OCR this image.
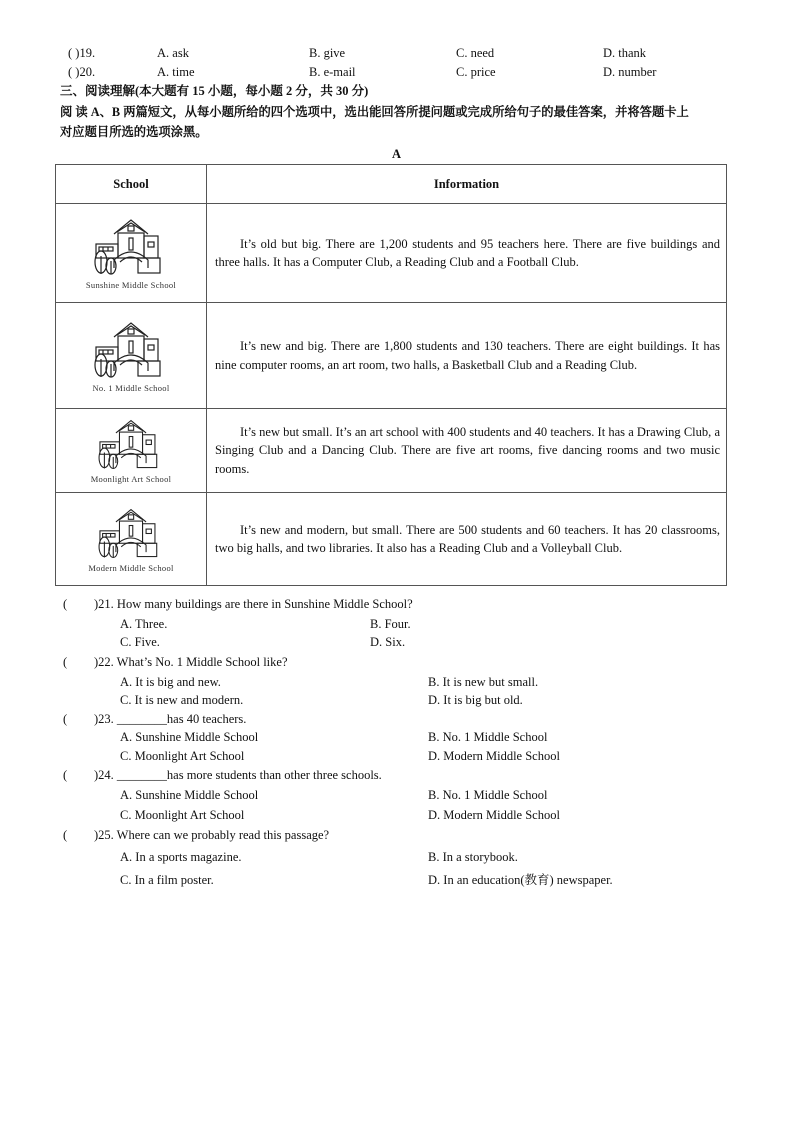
( )19.	A. ask	B. give	C. need	D. thank
( )20.	A. time	B. e-mail	C. price	D. number
三、阅读理解(本大题有 15 小题，每小题 2 分，共 30 分)
阅 读 A、B 两篇短文，从每小题所给的四个选项中，选出能回答所提问题或完成所给句子的最佳答案，并将答题卡上
对应题目所选的选项涂黑。
A
School	Information

Sunshine Middle School	It’s old but big. There are 1,200 students and 95 teachers here. There are five buildings and three halls. It has a Computer Club, a Reading Club and a Football Club.

No. 1 Middle School	It’s new and big. There are 1,800 students and 130 teachers. There are eight buildings. It has nine computer rooms, an art room, two halls, a Basketball Club and a Reading Club.

Moonlight Art School	It’s new but small. It’s an art school with 400 students and 40 teachers. It has a Drawing Club, a Singing Club and a Dancing Club. There are five art rooms, five dancing rooms and two music rooms.

Modern Middle School	It’s new and modern, but small. There are 500 students and 60 teachers. It has 20 classrooms, two big halls, and two libraries. It also has a Reading Club and a Volleyball Club.
( )21. How many buildings are there in Sunshine Middle School?
A. Three.	B. Four.
C. Five.	D. Six.
( )22. What’s No. 1 Middle School like?
A. It is big and new.	B. It is new but small.
C. It is new and modern.	D. It is big but old.
( )23. ________has 40 teachers.
A. Sunshine Middle School	B. No. 1 Middle School
C. Moonlight Art School	D. Modern Middle School
( )24. ________has more students than other three schools.
A. Sunshine Middle School	B. No. 1 Middle School
C. Moonlight Art School	D. Modern Middle School
( )25. Where can we probably read this passage?
A. In a sports magazine.	B. In a storybook.
C. In a film poster.	D. In an education(教育) newspaper.
